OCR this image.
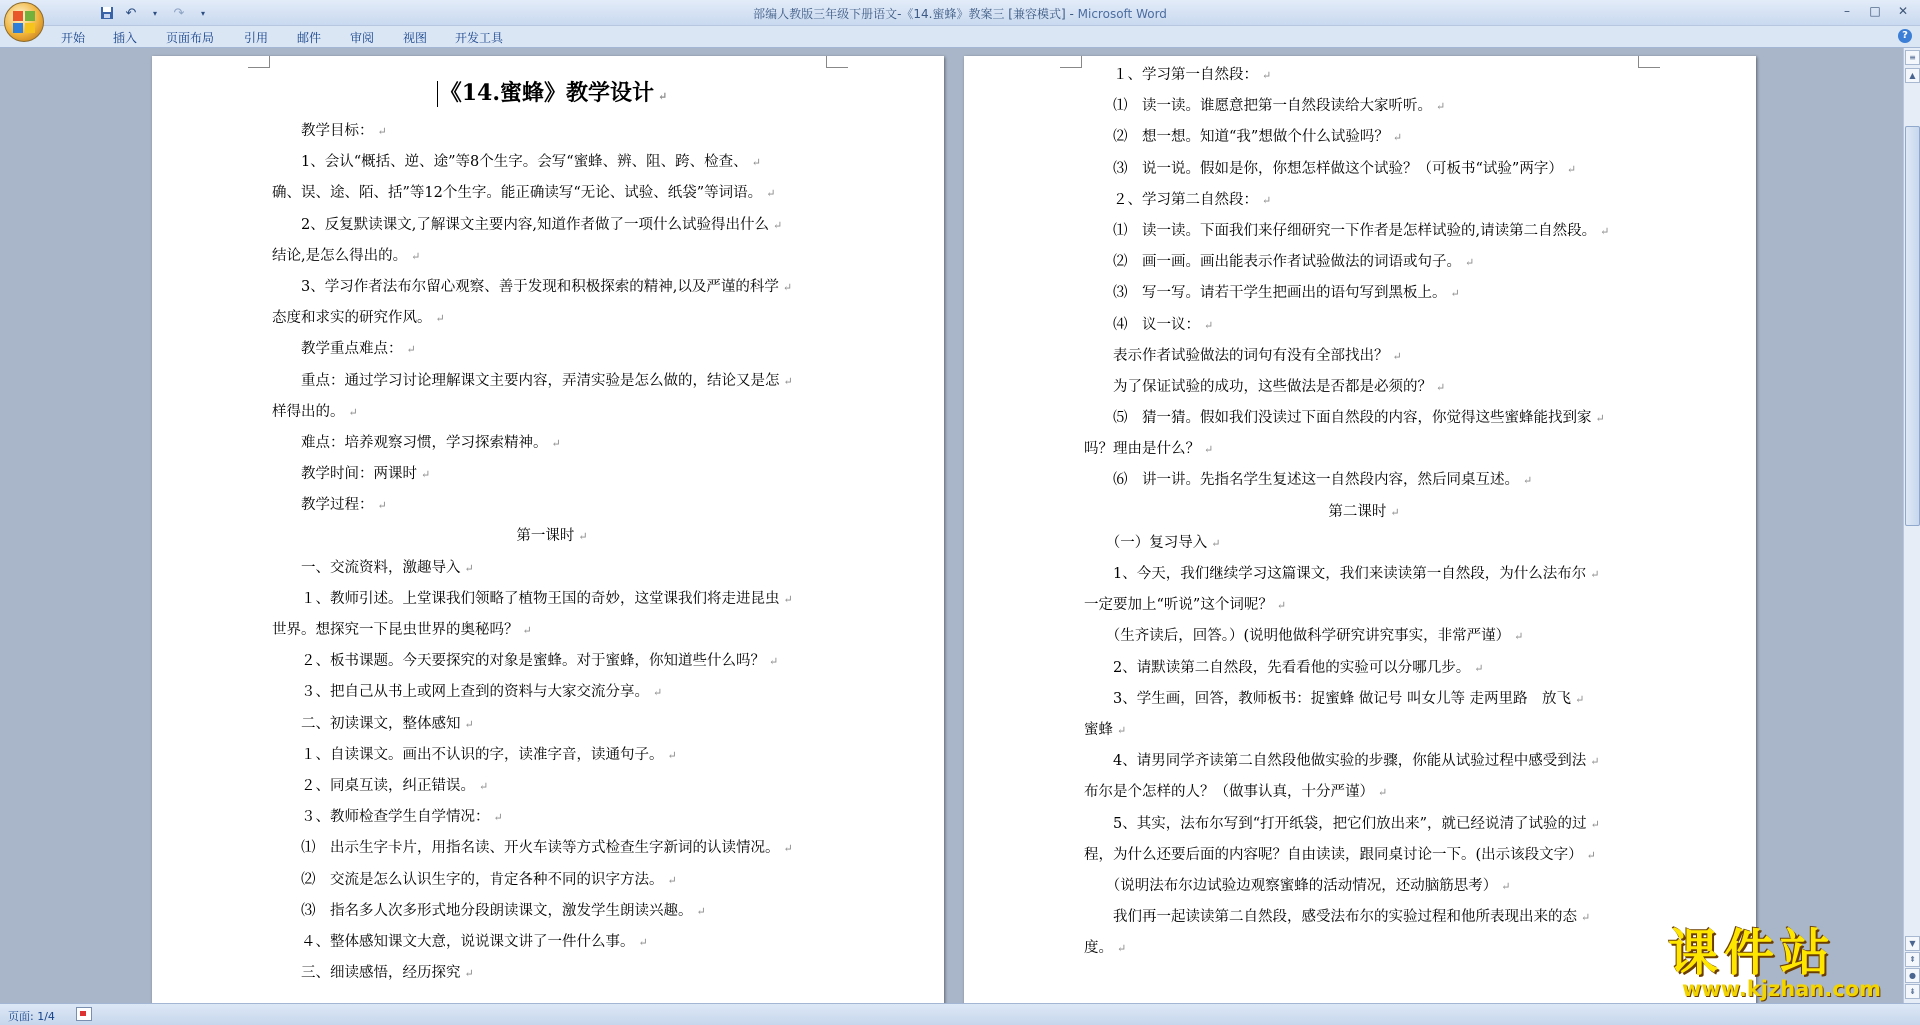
↶	▾	↷	▾	部编人教版三年级下册语文-《14.蜜蜂》教案三 [兼容模式] - Microsoft Word	–	□	✕
开始 插入 页面布局 引用 邮件 审阅 视图 开发工具	?
《14.蜜蜂》教学设计 ↵
　　教学目标： ↵
　　1、会认“概括、逆、途”等8个生字。会写“蜜蜂、辨、阻、跨、检查、 ↵
确、误、途、陌、括”等12个生字。能正确读写“无论、试验、纸袋”等词语。 ↵
　　2、反复默读课文,了解课文主要内容,知道作者做了一项什么试验得出什么 ↵
结论,是怎么得出的。 ↵
　　3、学习作者法布尔留心观察、善于发现和积极探索的精神,以及严谨的科学 ↵
态度和求实的研究作风。 ↵
　　教学重点难点： ↵
　　重点：通过学习讨论理解课文主要内容，弄清实验是怎么做的，结论又是怎 ↵
样得出的。 ↵
　　难点：培养观察习惯，学习探索精神。 ↵
　　教学时间：两课时 ↵
　　教学过程： ↵
第一课时 ↵
　　一、交流资料，激趣导入 ↵
　　１、教师引述。上堂课我们领略了植物王国的奇妙，这堂课我们将走进昆虫 ↵
世界。想探究一下昆虫世界的奥秘吗？ ↵
　　２、板书课题。今天要探究的对象是蜜蜂。对于蜜蜂，你知道些什么吗？ ↵
　　３、把自己从书上或网上查到的资料与大家交流分享。 ↵
　　二、初读课文，整体感知 ↵
　　１、自读课文。画出不认识的字，读准字音，读通句子。 ↵
　　２、同桌互读，纠正错误。 ↵
　　３、教师检查学生自学情况： ↵
　　⑴　出示生字卡片，用指名读、开火车读等方式检查生字新词的认读情况。 ↵
　　⑵　交流是怎么认识生字的，肯定各种不同的识字方法。 ↵
　　⑶　指名多人次多形式地分段朗读课文，激发学生朗读兴趣。 ↵
　　４、整体感知课文大意，说说课文讲了一件什么事。 ↵
　　三、细读感悟，经历探究 ↵
　　１、学习第一自然段： ↵
　　⑴　读一读。谁愿意把第一自然段读给大家听听。 ↵
　　⑵　想一想。知道“我”想做个什么试验吗？ ↵
　　⑶　说一说。假如是你，你想怎样做这个试验？（可板书“试验”两字） ↵
　　２、学习第二自然段： ↵
　　⑴　读一读。下面我们来仔细研究一下作者是怎样试验的,请读第二自然段。 ↵
　　⑵　画一画。画出能表示作者试验做法的词语或句子。 ↵
　　⑶　写一写。请若干学生把画出的语句写到黑板上。 ↵
　　⑷　议一议： ↵
　　表示作者试验做法的词句有没有全部找出？ ↵
　　为了保证试验的成功，这些做法是否都是必须的？ ↵
　　⑸　猜一猜。假如我们没读过下面自然段的内容，你觉得这些蜜蜂能找到家 ↵
吗？理由是什么？ ↵
　　⑹　讲一讲。先指名学生复述这一自然段内容，然后同桌互述。 ↵
第二课时 ↵
　　（一）复习导入 ↵
　　1、今天，我们继续学习这篇课文，我们来读读第一自然段，为什么法布尔 ↵
一定要加上“听说”这个词呢？ ↵
　　（生齐读后，回答。）(说明他做科学研究讲究事实，非常严谨） ↵
　　2、请默读第二自然段，先看看他的实验可以分哪几步。 ↵
　　3、学生画，回答，教师板书：捉蜜蜂 做记号 叫女儿等 走两里路　放飞 ↵
蜜蜂 ↵
　　4、请男同学齐读第二自然段他做实验的步骤，你能从试验过程中感受到法 ↵
布尔是个怎样的人？（做事认真，十分严谨） ↵
　　5、其实，法布尔写到“打开纸袋，把它们放出来”，就已经说清了试验的过 ↵
程，为什么还要后面的内容呢？自由读读，跟同桌讨论一下。(出示该段文字） ↵
　　（说明法布尔边试验边观察蜜蜂的活动情况，还动脑筋思考） ↵
　　我们再一起读读第二自然段，感受法布尔的实验过程和他所表现出来的态 ↵
度。 ↵
≡
▲
▼
⇞
●
⇟
页面: 1/4
课件站
www.kjzhan.com
